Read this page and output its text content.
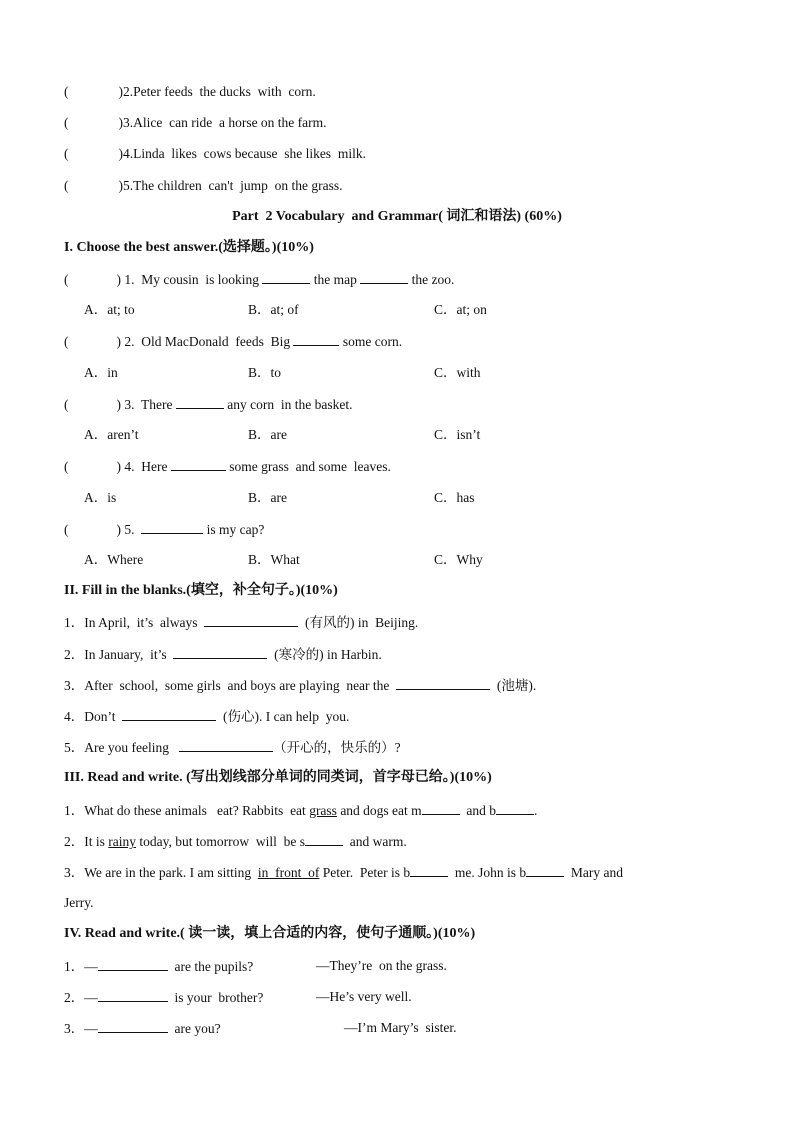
(	)2.Peter feeds  the ducks  with  corn.
(	)3.Alice  can ride  a horse on the farm.
(	)4.Linda  likes  cows because  she likes  milk.
(	)5.The children  can't  jump  on the grass.
Part  2 Vocabulary  and Grammar( 词汇和语法) (60%)
I. Choose the best answer.(选择题。)(10%)
(	) 1.  My cousin  is looking	the map	the zoo.
A．at; to	B．at; of	C．at; on
(	) 2.  Old MacDonald  feeds  Big	some corn.
A．in	B．to	C．with
(	) 3.  There	any corn  in the basket.
A．aren’t	B．are	C．isn’t
(	) 4.  Here	some grass  and some  leaves.
A．is	B．are	C．has
(	) 5.	is my cap?
A．Where	B．What	C．Why
II. Fill in the blanks.(填空，补全句子。)(10%)
1．In April,  it’s  always	(有风的) in  Beijing.
2．In January,  it’s	(寒冷的) in Harbin.
3．After  school,  some girls  and boys are playing  near the	(池塘).
4．Don’t	(伤心). I can help  you.
5．Are you feeling	（开心的，快乐的）?
III. Read and write. (写出划线部分单词的同类词，首字母已给。)(10%)
1．What do these animals   eat? Rabbits  eat grass and dogs eat m	and b	.
2．It is rainy today, but tomorrow  will  be s	and warm.
3．We are in the park. I am sitting  in  front  of Peter.  Peter is b	me. John is b	Mary and
Jerry.
IV. Read and write.( 读一读，填上合适的内容，使句子通顺。)(10%)
1．—	are the pupils?	—They’re  on the grass.
2．—	is your  brother?	—He’s very well.
3．—	are you?	—I’m Mary’s  sister.
